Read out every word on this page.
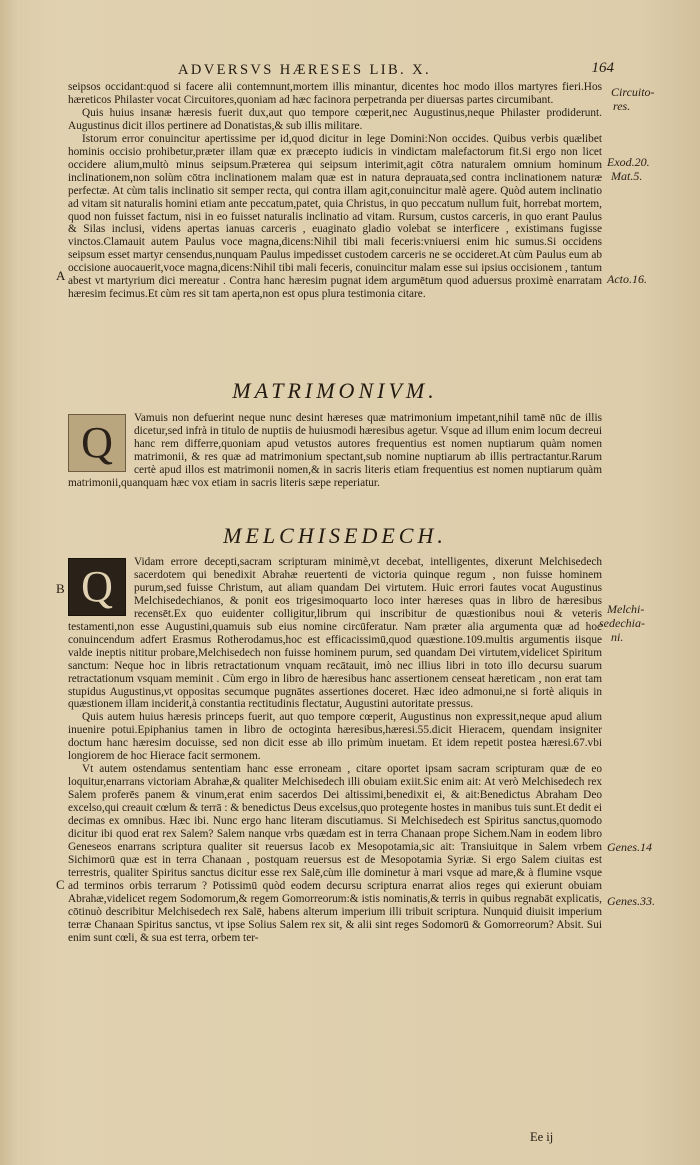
ADVERSVS HÆRESES LIB. X.	164
Circuito-
res.
Exod.20.
Mat.5.
Acto.16.
A

seipsos occidant:quod si facere alii contemnunt,mortem illis minantur, dicentes hoc modo illos martyres fieri.Hos hæreticos Philaster vocat Circuitores,quoniam ad hæc facinora perpetranda per diuersas partes circumibant.

Quis huius insanæ hæresis fuerit dux,aut quo tempore cœperit,nec Augustinus,neque Philaster prodiderunt. Augustinus dicit illos pertinere ad Donatistas,& sub illis militare.

Istorum error conuincitur apertissime per id,quod dicitur in lege Domini:Non occides. Quibus verbis quælibet hominis occisio prohibetur,præter illam quæ ex præcepto iudicis in vindictam malefactorum fit.Si ergo non licet occidere alium,multò minus seipsum.Præterea qui seipsum interimit,agit cōtra naturalem omnium hominum inclinationem,non solùm cōtra inclinationem malam quæ est in natura deprauata,sed contra inclinationem naturæ perfectæ. At cùm talis inclinatio sit semper recta, qui contra illam agit,conuincitur malè agere. Quòd autem inclinatio ad vitam sit naturalis homini etiam ante peccatum,patet, quia Christus, in quo peccatum nullum fuit, horrebat mortem, quod non fuisset factum, nisi in eo fuisset naturalis inclinatio ad vitam. Rursum, custos carceris, in quo erant Paulus & Silas inclusi, videns apertas ianuas carceris , euaginato gladio volebat se interficere , existimans fugisse vinctos.Clamauit autem Paulus voce magna,dicens:Nihil tibi mali feceris:vniuersi enim hic sumus.Si occidens seipsum esset martyr censendus,nunquam Paulus impedisset custodem carceris ne se occideret.At cùm Paulus eum ab occisione auocauerit,voce magna,dicens:Nihil tibi mali feceris, conuincitur malam esse sui ipsius occisionem , tantum abest vt martyrium dici mereatur . Contra hanc hæresim pugnat idem argumētum quod aduersus proximè enarratam hæresim fecimus.Et cùm res sit tam aperta,non est opus plura testimonia citare.

MATRIMONIVM.
Q	Vamuis non defuerint neque nunc desint hæreses quæ matrimonium impetant,nihil tamē nūc de illis dicetur,sed infrà in titulo de nuptiis de huiusmodi hæresibus agetur. Vsque ad illum enim locum decreui hanc rem differre,quoniam apud vetustos autores frequentius est nomen nuptiarum quàm nomen matrimonii, & res quæ ad matrimonium spectant,sub nomine nuptiarum ab illis pertractantur.Rarum certè apud illos est matrimonii nomen,& in sacris literis etiam frequentius est nomen nuptiarum quàm matrimonii,quanquam hæc vox etiam in sacris literis sæpe reperiatur.

MELCHISEDECH.
B
Melchi-
sedechia-
ni.
Genes.14
C
Genes.33.
Q	Vidam errore decepti,sacram scripturam minimè,vt decebat, intelligentes, dixerunt Melchisedech sacerdotem qui benedixit Abrahæ reuertenti de victoria quinque regum , non fuisse hominem purum,sed fuisse Christum, aut aliam quandam Dei virtutem. Huic errori fautes vocat Augustinus Melchisedechianos, & ponit eos trigesimoquarto loco inter hæreses quas in libro de hæresibus recensēt.Ex quo euidenter colligitur,librum qui inscribitur de quæstionibus noui & veteris testamenti,non esse Augustini,quamuis sub eius nomine circūferatur. Nam præter alia argumenta quæ ad hoc conuincendum adfert Erasmus Rotherodamus,hoc est efficacissimū,quod quæstione.109.multis argumentis iisque valde ineptis nititur probare,Melchisedech non fuisse hominem purum, sed quandam Dei virtutem,videlicet Spiritum sanctum: Neque hoc in libris retractationum vnquam recātauit, imò nec illius libri in toto illo decursu suarum retractationum vsquam meminit . Cùm ergo in libro de hæresibus hanc assertionem censeat hæreticam , non erat tam stupidus Augustinus,vt oppositas secumque pugnātes assertiones doceret. Hæc ideo admonui,ne si fortè aliquis in quæstionem illam inciderit,à constantia rectitudinis flectatur, Augustini autoritate pressus.

Quis autem huius hæresis princeps fuerit, aut quo tempore cœperit, Augustinus non expressit,neque apud alium inuenire potui.Epiphanius tamen in libro de octoginta hæresibus,hæresi.55.dicit Hieracem, quendam insigniter doctum hanc hæresim docuisse, sed non dicit esse ab illo primùm inuetam. Et idem repetit postea hæresi.67.vbi longiorem de hoc Hierace facit sermonem.

Vt autem ostendamus sententiam hanc esse erroneam , citare oportet ipsam sacram scripturam quæ de eo loquitur,enarrans victoriam Abrahæ,& qualiter Melchisedech illi obuiam exiit.Sic enim ait: At verò Melchisedech rex Salem proferēs panem & vinum,erat enim sacerdos Dei altissimi,benedixit ei, & ait:Benedictus Abraham Deo excelso,qui creauit cœlum & terrā : & benedictus Deus excelsus,quo protegente hostes in manibus tuis sunt.Et dedit ei decimas ex omnibus. Hæc ibi. Nunc ergo hanc literam discutiamus. Si Melchisedech est Spiritus sanctus,quomodo dicitur ibi quod erat rex Salem? Salem nanque vrbs quædam est in terra Chanaan prope Sichem.Nam in eodem libro Geneseos enarrans scriptura qualiter sit reuersus Iacob ex Mesopotamia,sic ait: Transiuitque in Salem vrbem Sichimorū quæ est in terra Chanaan , postquam reuersus est de Mesopotamia Syriæ. Si ergo Salem ciuitas est terrestris, qualiter Spiritus sanctus dicitur esse rex Salē,cùm ille dominetur à mari vsque ad mare,& à flumine vsque ad terminos orbis terrarum ? Potissimū quòd eodem decursu scriptura enarrat alios reges qui exierunt obuiam Abrahæ,videlicet regem Sodomorum,& regem Gomorreorum:& istis nominatis,& terris in quibus regnabāt explicatis, cōtinuò describitur Melchisedech rex Salē, habens alterum imperium illi tribuit scriptura. Nunquid diuisit imperium terræ Chanaan Spiritus sanctus, vt ipse Solius Salem rex sit, & alii sint reges Sodomorū & Gomorreorum? Absit. Sui enim sunt cœli, & sua est terra, orbem ter-

Ee ij
